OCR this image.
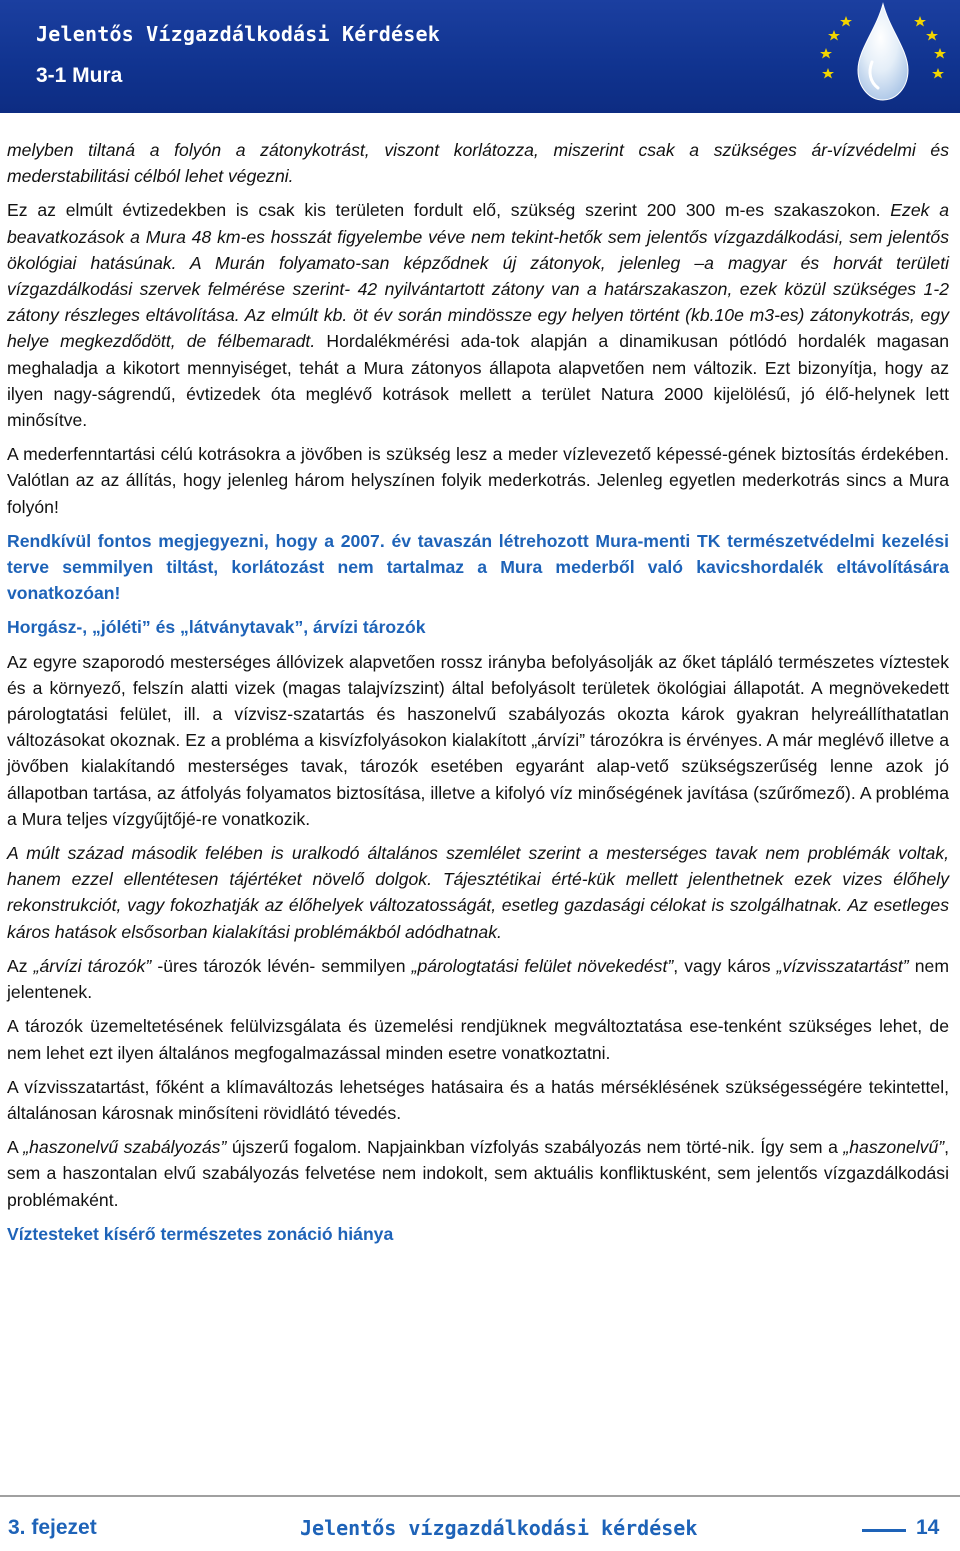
Jelentős Vízgazdálkodási Kérdések
3-1 Mura

melyben tiltaná a folyón a zátonykotrást, viszont korlátozza, miszerint csak a szükséges ár-vízvédelmi és mederstabilitási célból lehet végezni.

Ez az elmúlt évtizedekben is csak kis területen fordult elő, szükség szerint 200 300 m-es szakaszokon. Ezek a beavatkozások a Mura 48 km-es hosszát figyelembe véve nem tekint-hetők sem jelentős vízgazdálkodási, sem jelentős ökológiai hatásúnak. A Murán folyamato-san képződnek új zátonyok, jelenleg –a magyar és horvát területi vízgazdálkodási szervek felmérése szerint- 42 nyilvántartott zátony van a határszakaszon, ezek közül szükséges 1-2 zátony részleges eltávolítása. Az elmúlt kb. öt év során mindössze egy helyen történt (kb.10e m3-es) zátonykotrás, egy helye megkezdődött, de félbemaradt. Hordalékmérési ada-tok alapján a dinamikusan pótlódó hordalék magasan meghaladja a kikotort mennyiséget, tehát a Mura zátonyos állapota alapvetően nem változik. Ezt bizonyítja, hogy az ilyen nagy-ságrendű, évtizedek óta meglévő kotrások mellett a terület Natura 2000 kijelölésű, jó élő-helynek lett minősítve.

A mederfenntartási célú kotrásokra a jövőben is szükség lesz a meder vízlevezető képessé-gének biztosítás érdekében. Valótlan az az állítás, hogy jelenleg három helyszínen folyik mederkotrás. Jelenleg egyetlen mederkotrás sincs a Mura folyón!

Rendkívül fontos megjegyezni, hogy a 2007. év tavaszán létrehozott Mura-menti TK természetvédelmi kezelési terve semmilyen tiltást, korlátozást nem tartalmaz a Mura mederből való kavicshordalék eltávolítására vonatkozóan!

Horgász-, „jóléti” és „látványtavak”, árvízi tározók

Az egyre szaporodó mesterséges állóvizek alapvetően rossz irányba befolyásolják az őket tápláló természetes víztestek és a környező, felszín alatti vizek (magas talajvízszint) által befolyásolt területek ökológiai állapotát. A megnövekedett párologtatási felület, ill. a vízvisz-szatartás és haszonelvű szabályozás okozta károk gyakran helyreállíthatatlan változásokat okoznak. Ez a probléma a kisvízfolyásokon kialakított „árvízi” tározókra is érvényes. A már meglévő illetve a jövőben kialakítandó mesterséges tavak, tározók esetében egyaránt alap-vető szükségszerűség lenne azok jó állapotban tartása, az átfolyás folyamatos biztosítása, illetve a kifolyó víz minőségének javítása (szűrőmező). A probléma a Mura teljes vízgyűjtőjé-re vonatkozik.

A múlt század második felében is uralkodó általános szemlélet szerint a mesterséges tavak nem problémák voltak, hanem ezzel ellentétesen tájértéket növelő dolgok. Tájesztétikai érté-kük mellett jelenthetnek ezek vizes élőhely rekonstrukciót, vagy fokozhatják az élőhelyek változatosságát, esetleg gazdasági célokat is szolgálhatnak. Az esetleges káros hatások elsősorban kialakítási problémákból adódhatnak.

Az „árvízi tározók” -üres tározók lévén- semmilyen „párologtatási felület növekedést”, vagy káros „vízvisszatartást” nem jelentenek.

A tározók üzemeltetésének felülvizsgálata és üzemelési rendjüknek megváltoztatása ese-tenként szükséges lehet, de nem lehet ezt ilyen általános megfogalmazással minden esetre vonatkoztatni.

A vízvisszatartást, főként a klímaváltozás lehetséges hatásaira és a hatás mérséklésének szükségességére tekintettel, általánosan károsnak minősíteni rövidlátó tévedés.

A „haszonelvű szabályozás” újszerű fogalom. Napjainkban vízfolyás szabályozás nem törté-nik. Így sem a „haszonelvű”, sem a haszontalan elvű szabályozás felvetése nem indokolt, sem aktuális konfliktusként, sem jelentős vízgazdálkodási problémaként.

Víztesteket kísérő természetes zonáció hiánya

3. fejezet	Jelentős vízgazdálkodási kérdések	14
